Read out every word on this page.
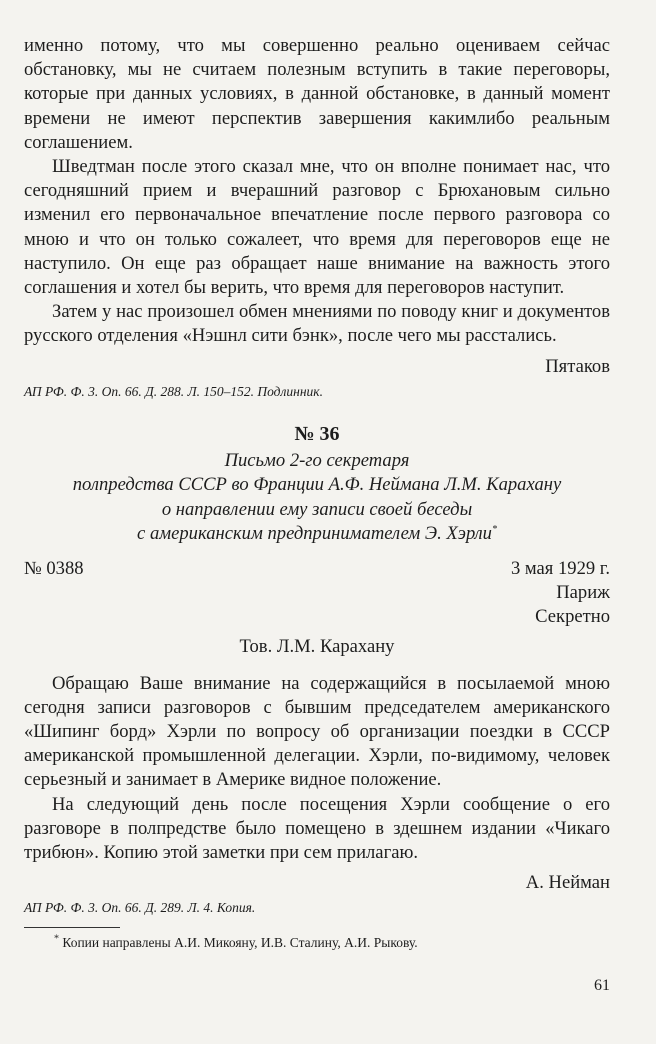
именно потому, что мы совершенно реально оцениваем сейчас обстановку, мы не считаем полезным вступить в такие переговоры, которые при данных условиях, в данной обстановке, в данный момент времени не имеют перспектив завершения какимлибо реальным соглашением.

Шведтман после этого сказал мне, что он вполне понимает нас, что сегодняшний прием и вчерашний разговор с Брюхановым сильно изменил его первоначальное впечатление после первого разговора со мною и что он только сожалеет, что время для переговоров еще не наступило. Он еще раз обращает наше внимание на важность этого соглашения и хотел бы верить, что время для переговоров наступит.

Затем у нас произошел обмен мнениями по поводу книг и документов русского отделения «Нэшнл сити бэнк», после чего мы расстались.

Пятаков

АП РФ. Ф. 3. Оп. 66. Д. 288. Л. 150–152. Подлинник.

№ 36

Письмо 2-го секретаря

полпредства СССР во Франции А.Ф. Неймана Л.М. Карахану

о направлении ему записи своей беседы

с американским предпринимателем Э. Хэрли*

№ 0388	3 мая 1929 г.

Париж

Секретно

Тов. Л.М. Карахану

Обращаю Ваше внимание на содержащийся в посылаемой мною сегодня записи разговоров с бывшим председателем американского «Шипинг борд» Хэрли по вопросу об организации поездки в СССР американской промышленной делегации. Хэрли, по-видимому, человек серьезный и занимает в Америке видное положение.

На следующий день после посещения Хэрли сообщение о его разговоре в полпредстве было помещено в здешнем издании «Чикаго трибюн». Копию этой заметки при сем прилагаю.

А. Нейман

АП РФ. Ф. 3. Оп. 66. Д. 289. Л. 4. Копия.

* Копии направлены А.И. Микояну, И.В. Сталину, А.И. Рыкову.

61
